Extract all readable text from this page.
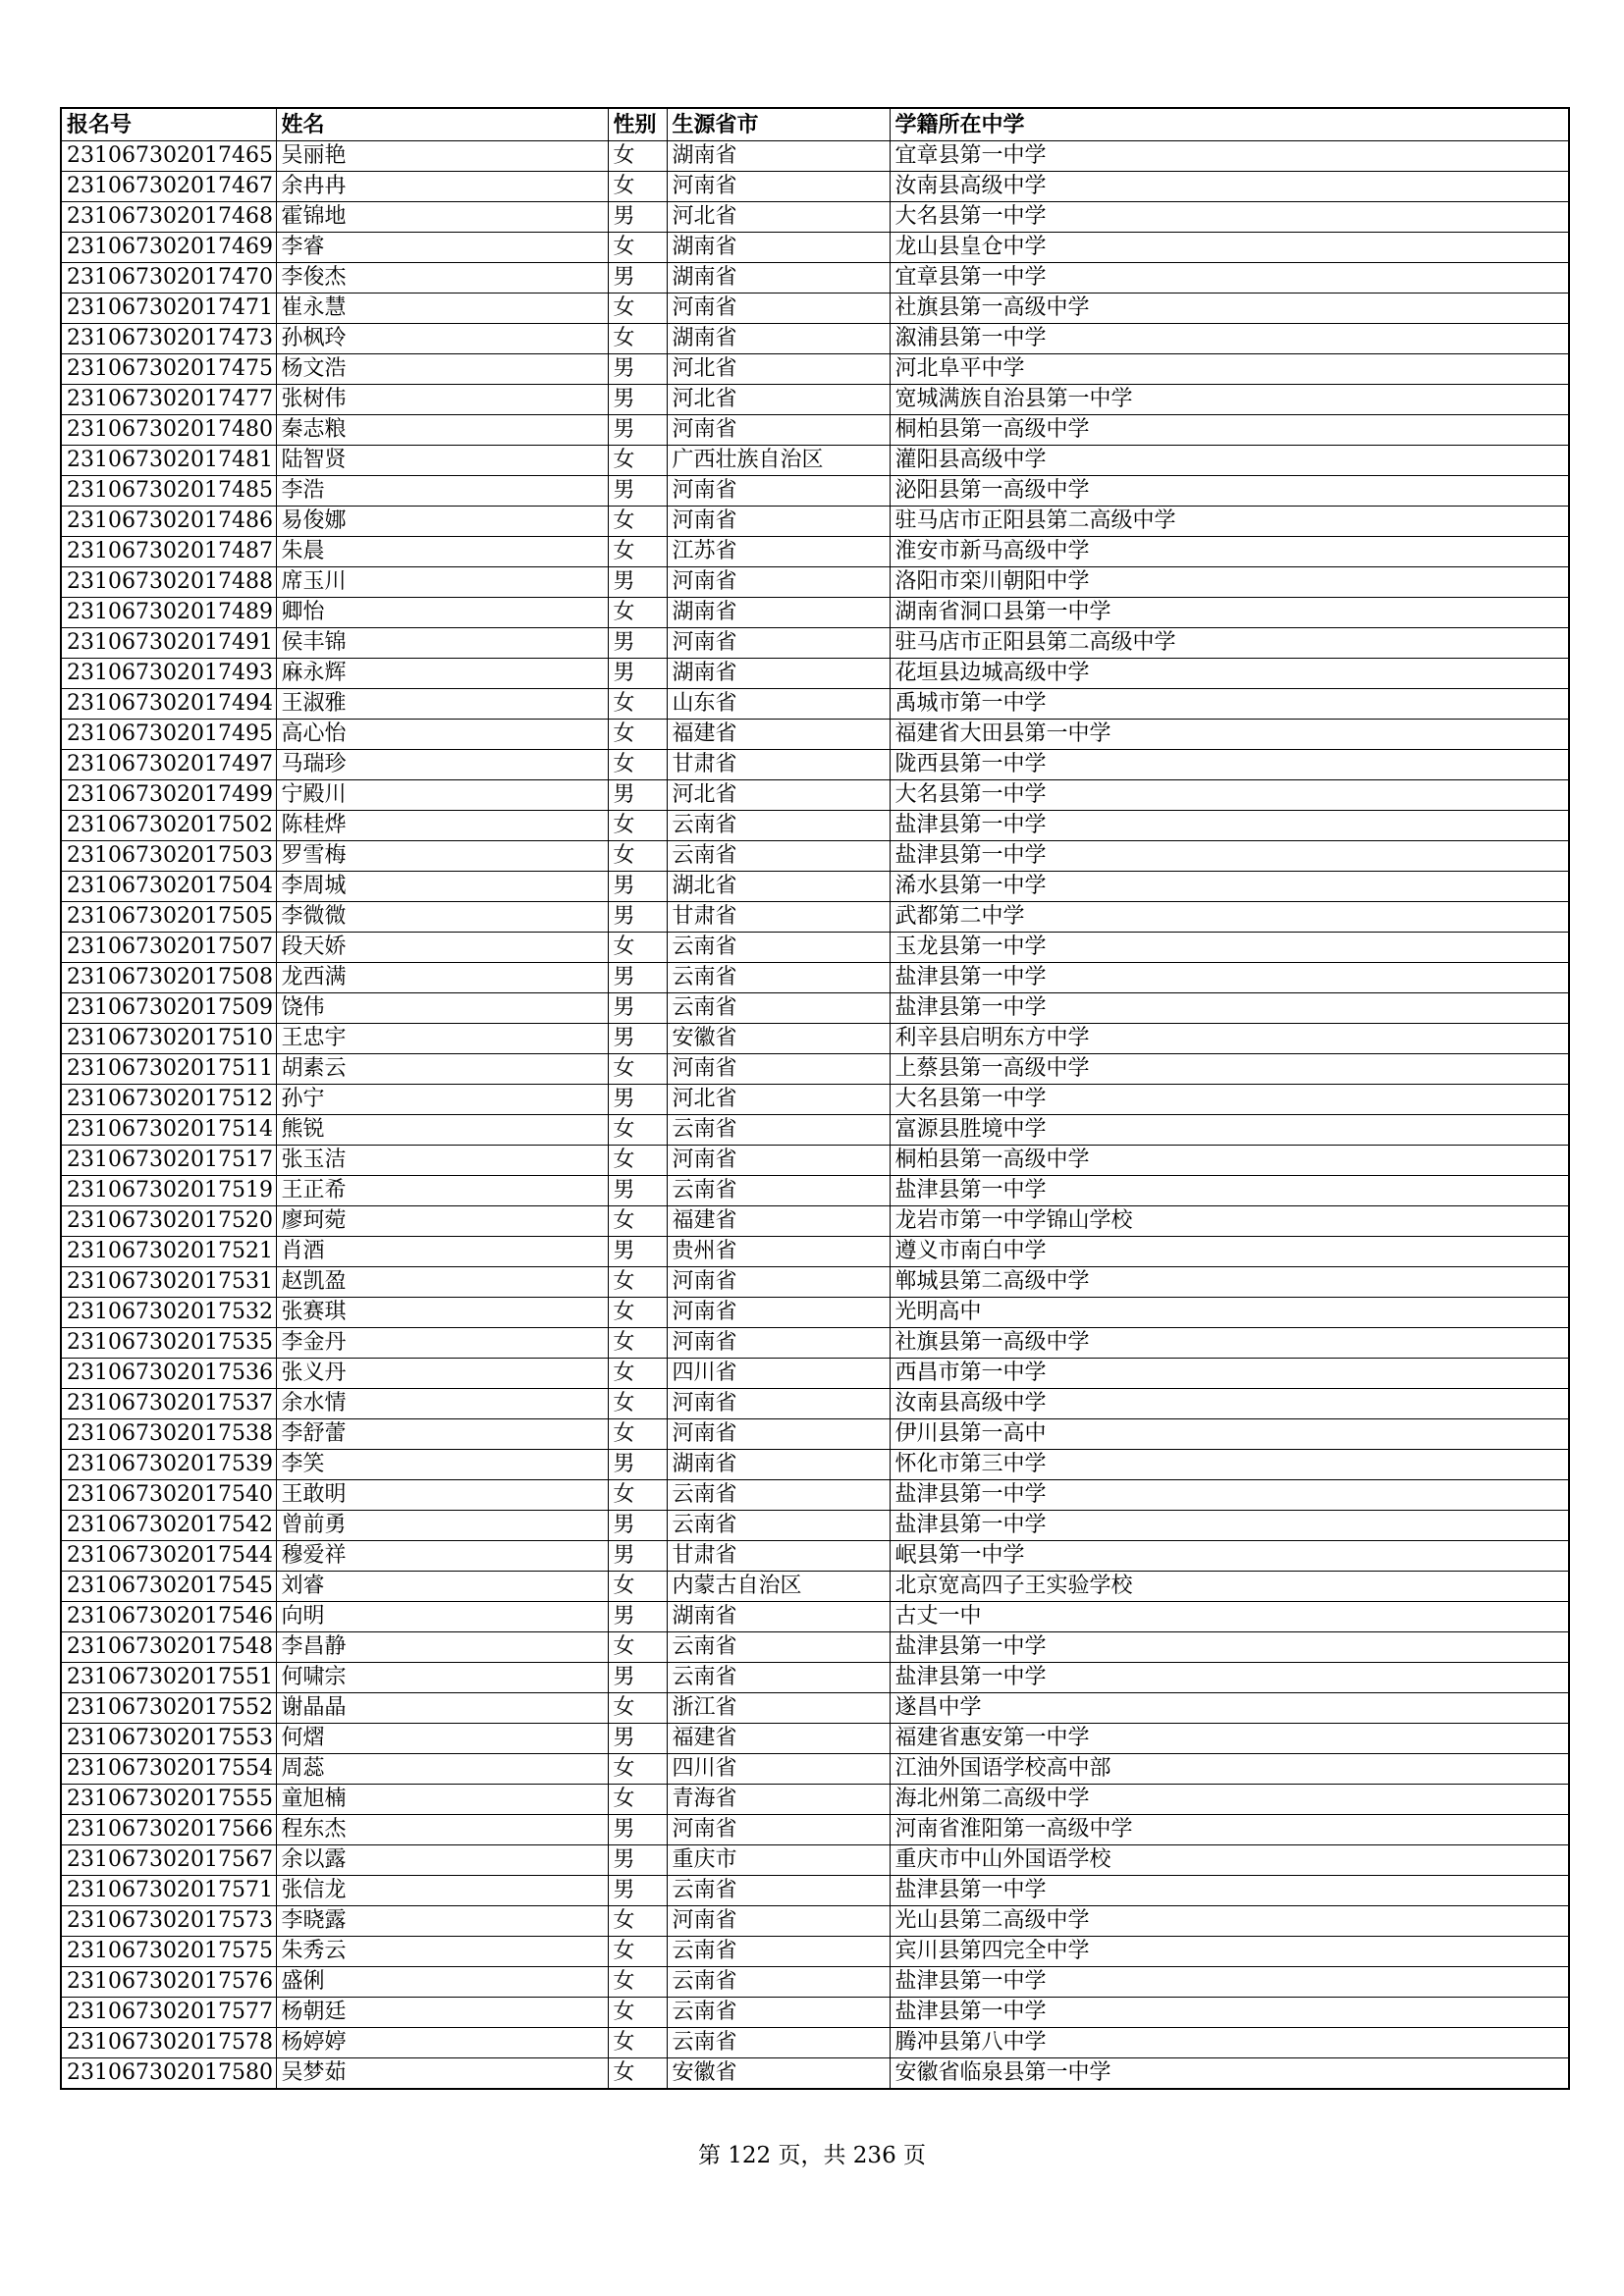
报名号	姓名	性别	生源省市	学籍所在中学
231067302017465	吴丽艳	女	湖南省	宜章县第一中学
231067302017467	余冉冉	女	河南省	汝南县高级中学
231067302017468	霍锦地	男	河北省	大名县第一中学
231067302017469	李睿	女	湖南省	龙山县皇仓中学
231067302017470	李俊杰	男	湖南省	宜章县第一中学
231067302017471	崔永慧	女	河南省	社旗县第一高级中学
231067302017473	孙枫玲	女	湖南省	溆浦县第一中学
231067302017475	杨文浩	男	河北省	河北阜平中学
231067302017477	张树伟	男	河北省	宽城满族自治县第一中学
231067302017480	秦志粮	男	河南省	桐柏县第一高级中学
231067302017481	陆智贤	女	广西壮族自治区	灌阳县高级中学
231067302017485	李浩	男	河南省	泌阳县第一高级中学
231067302017486	易俊娜	女	河南省	驻马店市正阳县第二高级中学
231067302017487	朱晨	女	江苏省	淮安市新马高级中学
231067302017488	席玉川	男	河南省	洛阳市栾川朝阳中学
231067302017489	卿怡	女	湖南省	湖南省洞口县第一中学
231067302017491	侯丰锦	男	河南省	驻马店市正阳县第二高级中学
231067302017493	麻永辉	男	湖南省	花垣县边城高级中学
231067302017494	王淑雅	女	山东省	禹城市第一中学
231067302017495	高心怡	女	福建省	福建省大田县第一中学
231067302017497	马瑞珍	女	甘肃省	陇西县第一中学
231067302017499	宁殿川	男	河北省	大名县第一中学
231067302017502	陈桂烨	女	云南省	盐津县第一中学
231067302017503	罗雪梅	女	云南省	盐津县第一中学
231067302017504	李周城	男	湖北省	浠水县第一中学
231067302017505	李微微	男	甘肃省	武都第二中学
231067302017507	段天娇	女	云南省	玉龙县第一中学
231067302017508	龙西满	男	云南省	盐津县第一中学
231067302017509	饶伟	男	云南省	盐津县第一中学
231067302017510	王忠宇	男	安徽省	利辛县启明东方中学
231067302017511	胡素云	女	河南省	上蔡县第一高级中学
231067302017512	孙宁	男	河北省	大名县第一中学
231067302017514	熊锐	女	云南省	富源县胜境中学
231067302017517	张玉洁	女	河南省	桐柏县第一高级中学
231067302017519	王正希	男	云南省	盐津县第一中学
231067302017520	廖珂菀	女	福建省	龙岩市第一中学锦山学校
231067302017521	肖酒	男	贵州省	遵义市南白中学
231067302017531	赵凯盈	女	河南省	郸城县第二高级中学
231067302017532	张赛琪	女	河南省	光明高中
231067302017535	李金丹	女	河南省	社旗县第一高级中学
231067302017536	张义丹	女	四川省	西昌市第一中学
231067302017537	余水情	女	河南省	汝南县高级中学
231067302017538	李舒蕾	女	河南省	伊川县第一高中
231067302017539	李笑	男	湖南省	怀化市第三中学
231067302017540	王敢明	女	云南省	盐津县第一中学
231067302017542	曾前勇	男	云南省	盐津县第一中学
231067302017544	穆爱祥	男	甘肃省	岷县第一中学
231067302017545	刘睿	女	内蒙古自治区	北京宽高四子王实验学校
231067302017546	向明	男	湖南省	古丈一中
231067302017548	李昌静	女	云南省	盐津县第一中学
231067302017551	何啸宗	男	云南省	盐津县第一中学
231067302017552	谢晶晶	女	浙江省	遂昌中学
231067302017553	何熠	男	福建省	福建省惠安第一中学
231067302017554	周蕊	女	四川省	江油外国语学校高中部
231067302017555	童旭楠	女	青海省	海北州第二高级中学
231067302017566	程东杰	男	河南省	河南省淮阳第一高级中学
231067302017567	余以露	男	重庆市	重庆市中山外国语学校
231067302017571	张信龙	男	云南省	盐津县第一中学
231067302017573	李晓露	女	河南省	光山县第二高级中学
231067302017575	朱秀云	女	云南省	宾川县第四完全中学
231067302017576	盛俐	女	云南省	盐津县第一中学
231067302017577	杨朝廷	女	云南省	盐津县第一中学
231067302017578	杨婷婷	女	云南省	腾冲县第八中学
231067302017580	吴梦茹	女	安徽省	安徽省临泉县第一中学
第 122 页，共 236 页
